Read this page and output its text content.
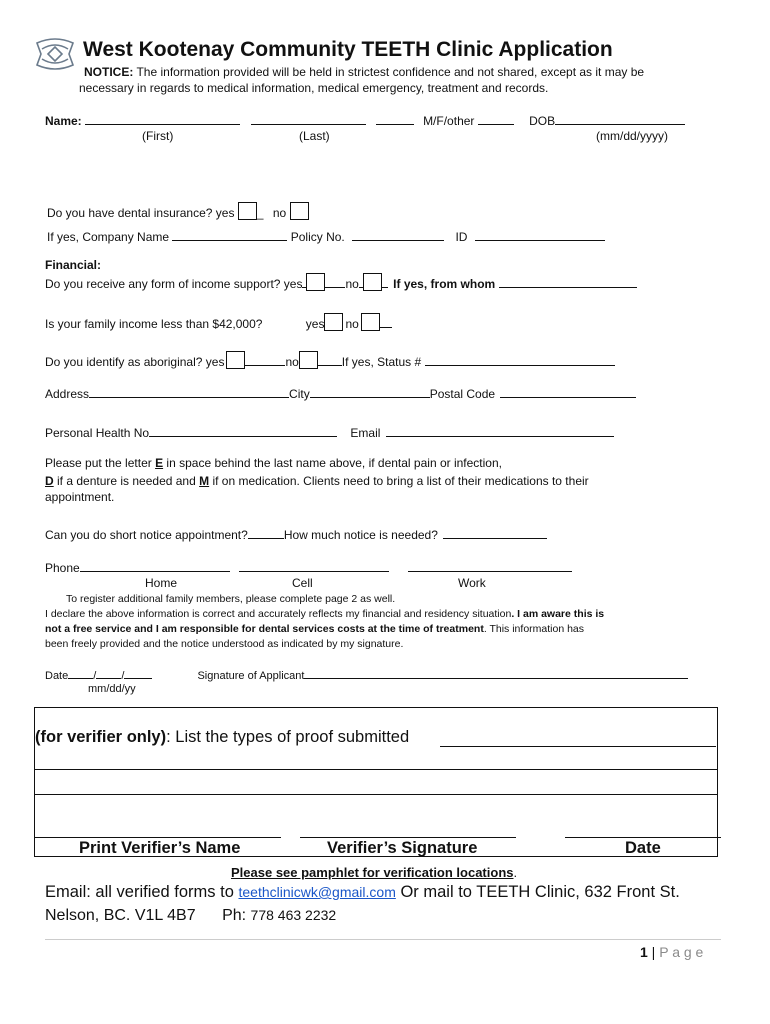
West Kootenay Community TEETH Clinic Application
NOTICE: The information provided will be held in strictest confidence and not shared, except as it may be
necessary in regards to medical information, medical emergency, treatment and records.
Name:	M/F/other	DOB
(First)	(Last)	(mm/dd/yyyy)
Do you have dental insurance? yes _ no
If yes, Company Name	Policy No.	ID
Financial:
Do you receive any form of income support? yes	no	If yes, from whom
Is your family income less than $42,000?	yes no
Do you identify as aboriginal? yes	no	If yes, Status #
Address	City	Postal Code
Personal Health No	Email
Please put the letter E in space behind the last name above, if dental pain or infection,
D if a denture is needed and M if on medication. Clients need to bring a list of their medications to their
appointment.
Can you do short notice appointment?	How much notice is needed?
Phone
Home	Cell	Work
To register additional family members, please complete page 2 as well.
I declare the above information is correct and accurately reflects my financial and residency situation. I am aware this is
not a free service and I am responsible for dental services costs at the time of treatment. This information has
been freely provided and the notice understood as indicated by my signature.
Date / /	Signature of Applicant
mm/dd/yy
(for verifier only): List the types of proof submitted
Print Verifier’s Name	Verifier’s Signature	Date
Please see pamphlet for verification locations.
Email: all verified forms to teethclinicwk@gmail.com Or mail to TEETH Clinic, 632 Front St.
Nelson, BC. V1L 4B7 Ph: 778 463 2232
1 | P a g e
